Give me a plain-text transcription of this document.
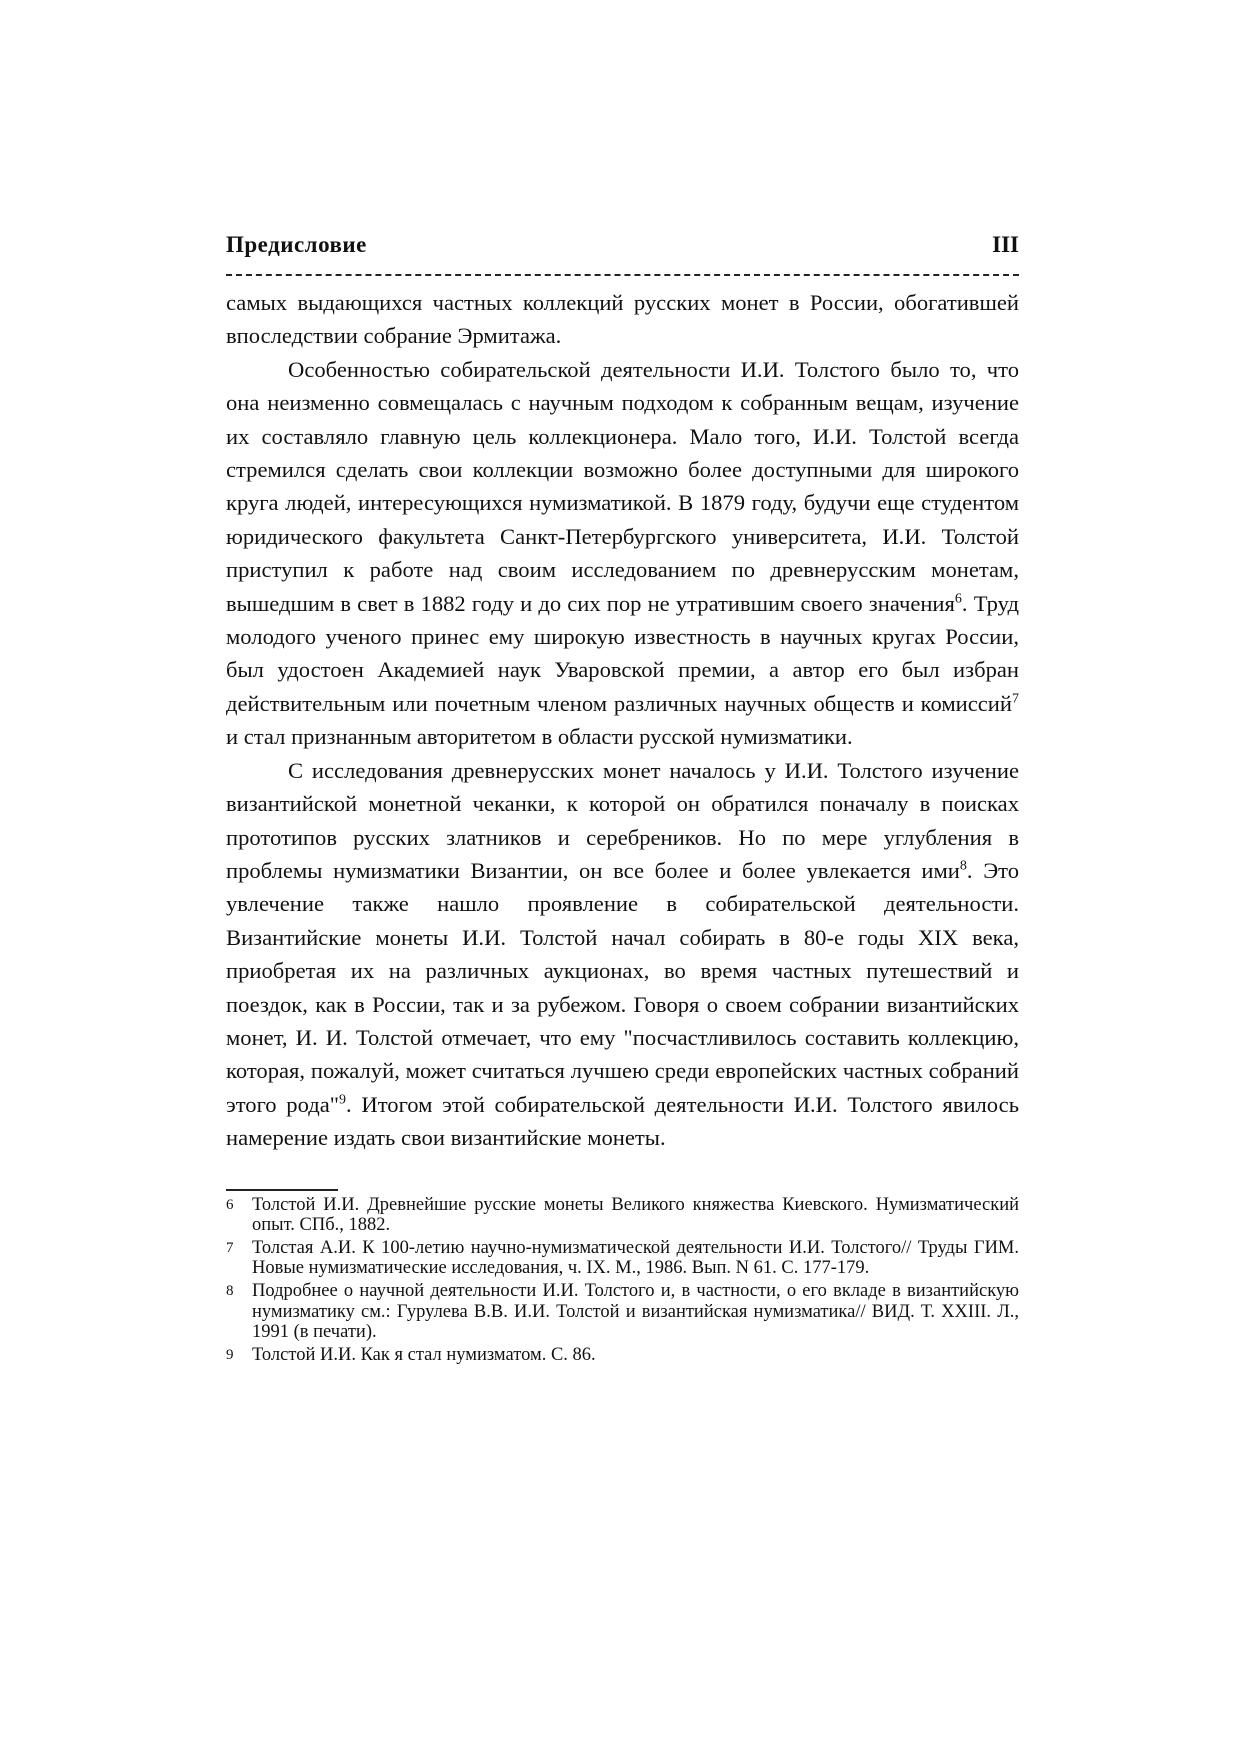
Предисловие	III

самых выдающихся частных коллекций русских монет в России, обогатившей впоследствии собрание Эрмитажа.

Особенностью собирательской деятельности И.И. Толстого было то, что она неизменно совмещалась с научным подходом к собранным вещам, изучение их составляло главную цель коллекционера. Мало того, И.И. Толстой всегда стремился сделать свои коллекции возможно более доступными для широкого круга людей, интересующихся нумизматикой. В 1879 году, будучи еще студентом юридического факультета Санкт-Петербургского университета, И.И. Толстой приступил к работе над своим исследованием по древнерусским монетам, вышедшим в свет в 1882 году и до сих пор не утратившим своего значения$^6$. Труд молодого ученого принес ему широкую известность в научных кругах России, был удостоен Академией наук Уваровской премии, а автор его был избран действительным или почетным членом различных научных обществ и комиссий$^7$ и стал признанным авторитетом в области русской нумизматики.

С исследования древнерусских монет началось у И.И. Толстого изучение византийской монетной чеканки, к которой он обратился поначалу в поисках прототипов русских златников и серебреников. Но по мере углубления в проблемы нумизматики Византии, он все более и более увлекается ими$^8$. Это увлечение также нашло проявление в собирательской деятельности. Византийские монеты И.И. Толстой начал собирать в 80-е годы XIX века, приобретая их на различных аукционах, во время частных путешествий и поездок, как в России, так и за рубежом. Говоря о своем собрании византийских монет, И. И. Толстой отмечает, что ему "посчастливилось составить коллекцию, которая, пожалуй, может считаться лучшею среди европейских частных собраний этого рода"$^9$. Итогом этой собирательской деятельности И.И. Толстого явилось намерение издать свои византийские монеты.

6 Толстой И.И. Древнейшие русские монеты Великого княжества Киевского. Нумизматический опыт. СПб., 1882.

7 Толстая А.И. К 100-летию научно-нумизматической деятельности И.И. Толстого// Труды ГИМ. Новые нумизматические исследования, ч. IX. М., 1986. Вып. N 61. С. 177-179.

8 Подробнее о научной деятельности И.И. Толстого и, в частности, о его вкладе в византийскую нумизматику см.: Гурулева В.В. И.И. Толстой и византийская нумизматика// ВИД. Т. XXIII. Л., 1991 (в печати).

9 Толстой И.И. Как я стал нумизматом. С. 86.
